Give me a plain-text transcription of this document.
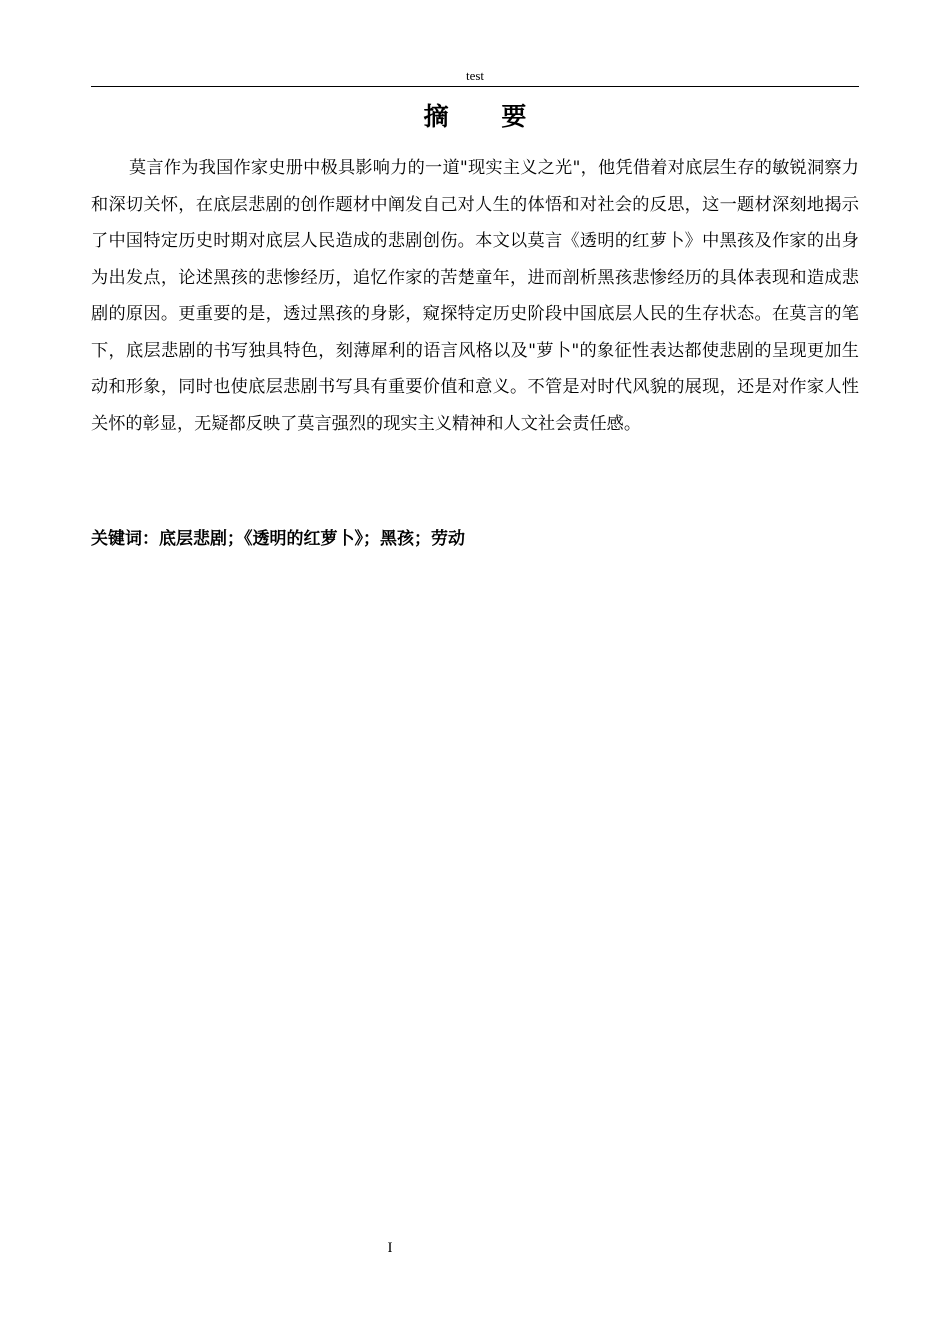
test
摘 要

莫言作为我国作家史册中极具影响力的一道"现实主义之光"，他凭借着对底层生存的敏锐洞察力和深切关怀，在底层悲剧的创作题材中阐发自己对人生的体悟和对社会的反思，这一题材深刻地揭示了中国特定历史时期对底层人民造成的悲剧创伤。本文以莫言《透明的红萝卜》中黑孩及作家的出身为出发点，论述黑孩的悲惨经历，追忆作家的苦楚童年，进而剖析黑孩悲惨经历的具体表现和造成悲剧的原因。更重要的是，透过黑孩的身影，窥探特定历史阶段中国底层人民的生存状态。在莫言的笔下，底层悲剧的书写独具特色，刻薄犀利的语言风格以及"萝卜"的象征性表达都使悲剧的呈现更加生动和形象，同时也使底层悲剧书写具有重要价值和意义。不管是对时代风貌的展现，还是对作家人性关怀的彰显，无疑都反映了莫言强烈的现实主义精神和人文社会责任感。

关键词：底层悲剧；《透明的红萝卜》；黑孩；劳动
I
